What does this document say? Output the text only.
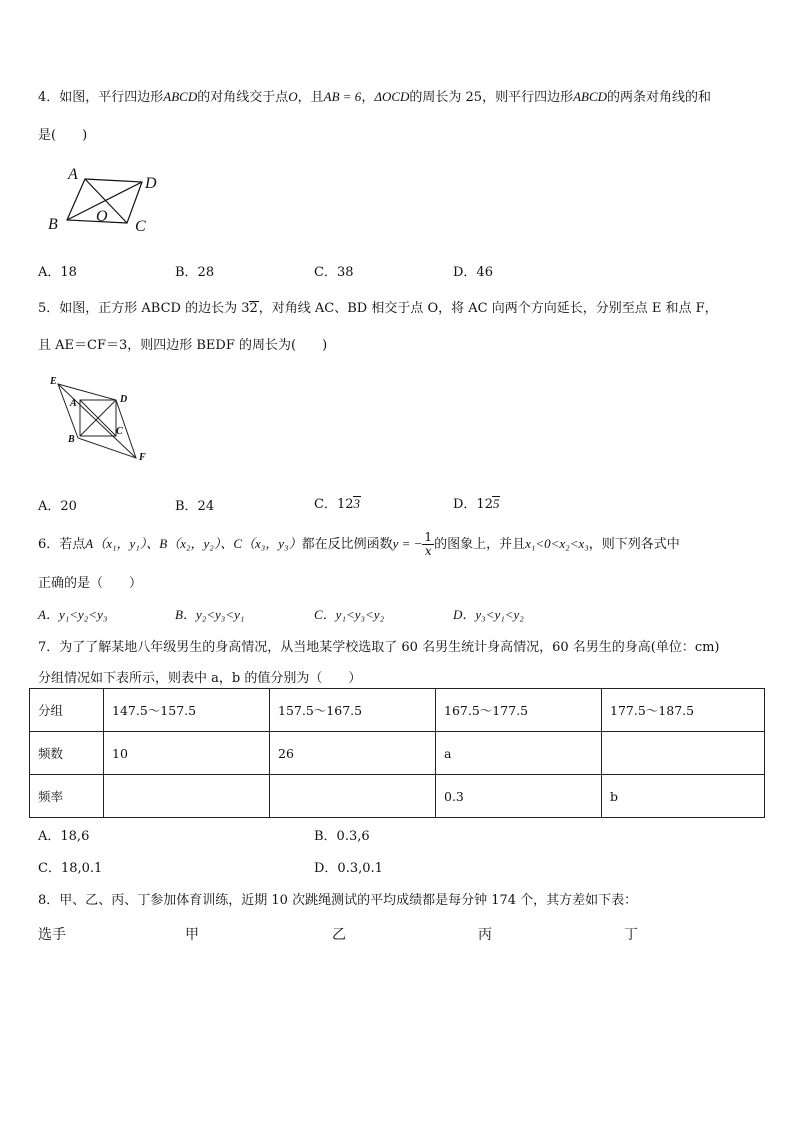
4．如图，平行四边形ABCD的对角线交于点O，且AB = 6，ΔOCD的周长为 25，则平行四边形ABCD的两条对角线的和
是(　　)
A
D
B O
C
A．18	B．28	C．38	D．46
5．如图，正方形 ABCD 的边长为 32，对角线 AC、BD 相交于点 O，将 AC 向两个方向延长，分别至点 E 和点 F，
且 AE＝CF＝3，则四边形 BEDF 的周长为(　　)
E
A	D
B
C
F
A．20	B．24	C．123	D．125
6．若点A（x₁，y₁）、B（x₂，y₂）、C（x₃，y₃）都在反比例函数y = − $\frac{1}{x}$ 的图象上，并且x₁<0<x₂<x₃，则下列各式中
正确的是（　　）
A．y₁<y₂<y₃	B．y₂<y₃<y₁	C．y₁<y₃<y₂	D．y₃<y₁<y₂
7．为了了解某地八年级男生的身高情况，从当地某学校选取了 60 名男生统计身高情况，60 名男生的身高(单位：cm)
分组情况如下表所示，则表中 a，b 的值分别为（　　）
分组	147.5～157.5	157.5～167.5	167.5～177.5	177.5～187.5
频数	10	26	a	
频率			0.3	b
A．18,6	B．0.3,6
C．18,0.1	D．0.3,0.1
8．甲、乙、丙、丁参加体育训练，近期 10 次跳绳测试的平均成绩都是每分钟 174 个，其方差如下表：
选手	甲	乙	丙	丁
